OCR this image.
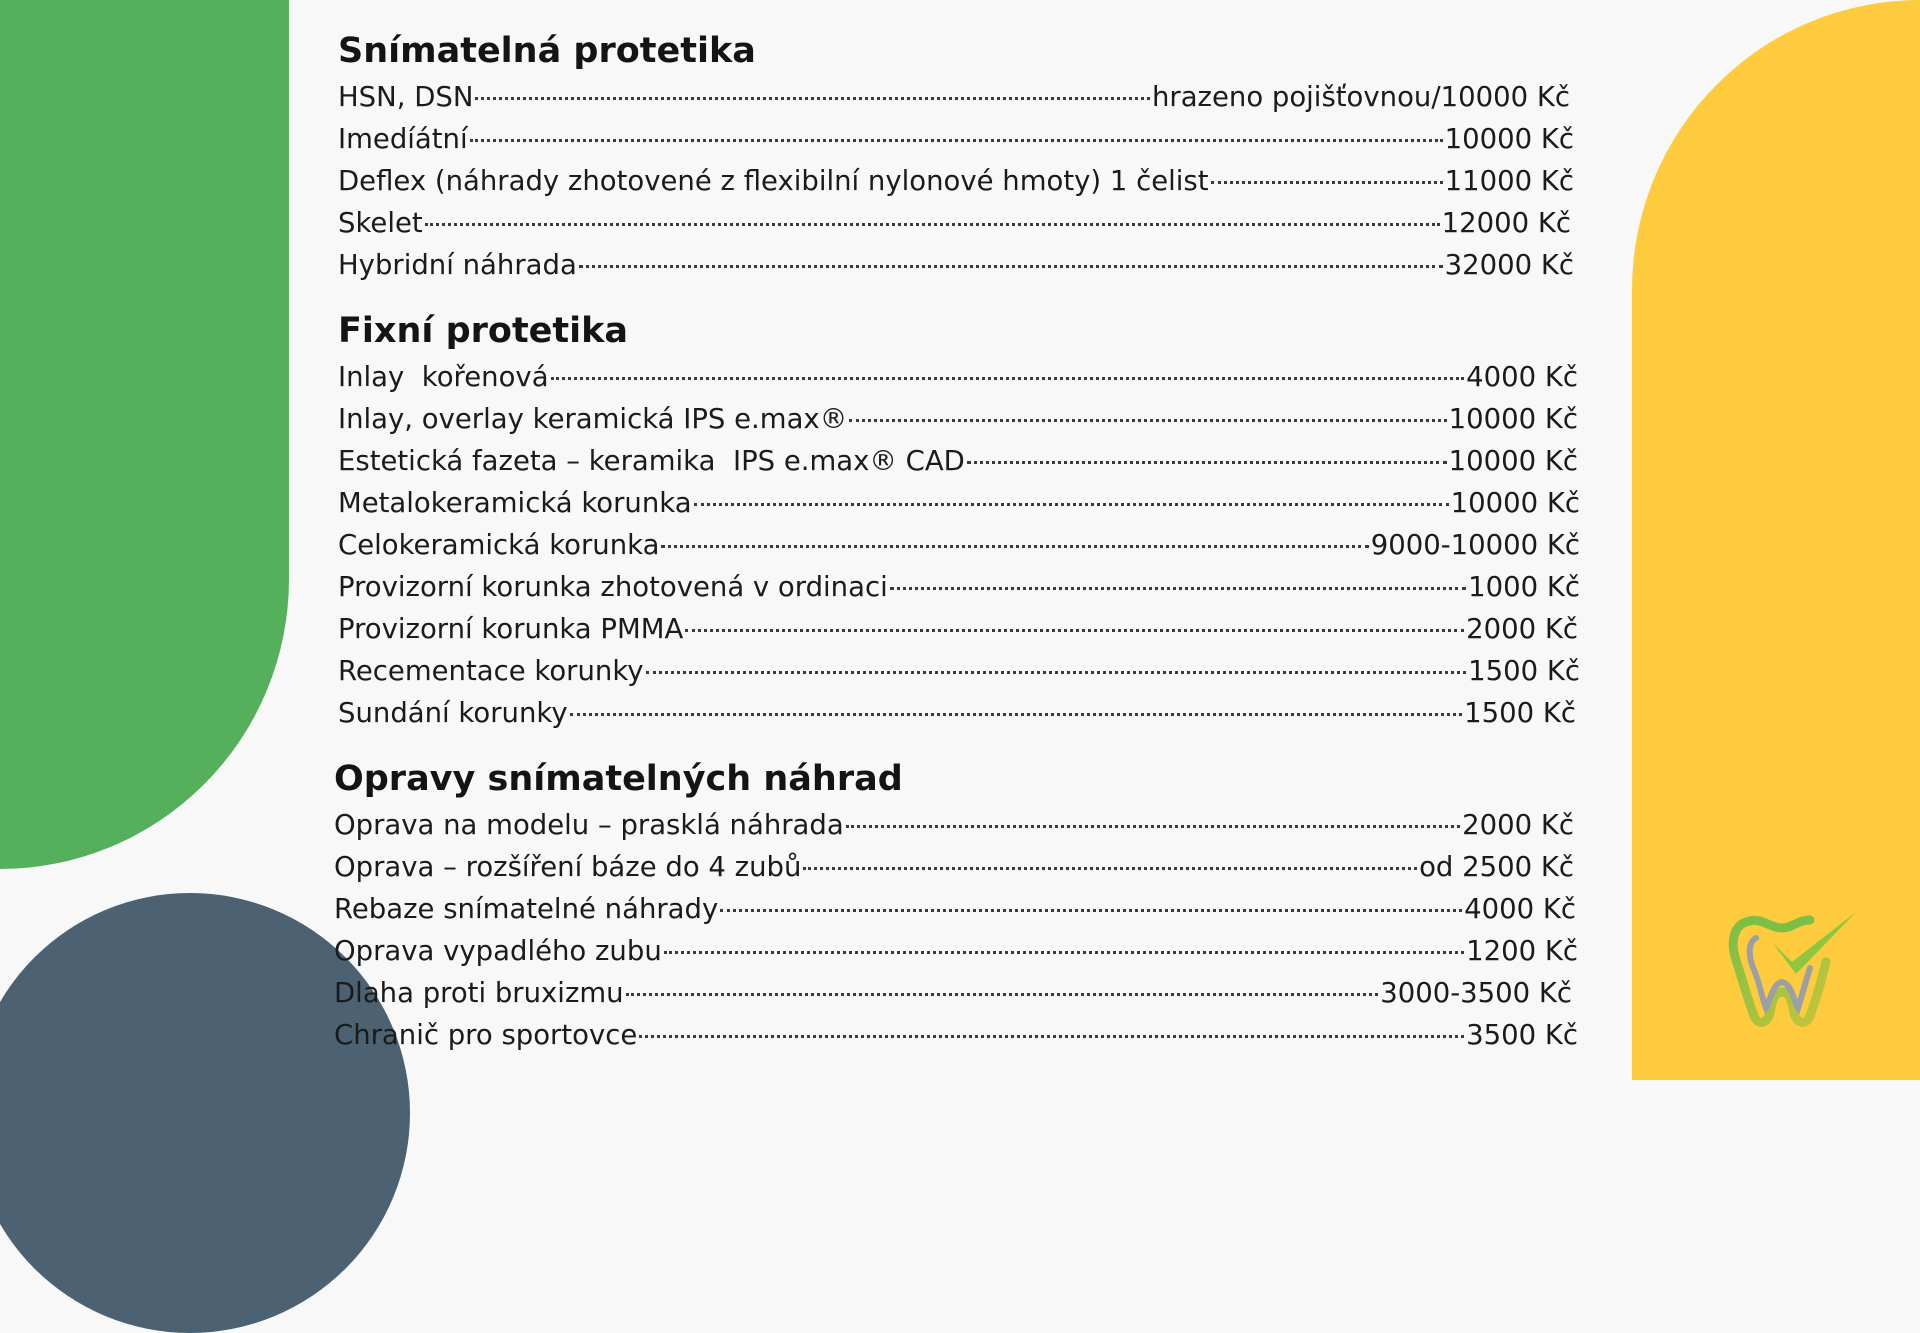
Snímatelná protetika
HSN, DSN	hrazeno pojišťovnou/10000 Kč
Imedíátní	10000 Kč
Deflex (náhrady zhotovené z flexibilní nylonové hmoty) 1 čelist	11000 Kč
Skelet	12000 Kč
Hybridní náhrada	32000 Kč
Fixní protetika
Inlay  kořenová	4000 Kč
Inlay, overlay keramická IPS e.max®	10000 Kč
Estetická fazeta – keramika  IPS e.max® CAD	10000 Kč
Metalokeramická korunka	10000 Kč
Celokeramická korunka	9000-10000 Kč
Provizorní korunka zhotovená v ordinaci	1000 Kč
Provizorní korunka PMMA	2000 Kč
Recementace korunky	1500 Kč
Sundání korunky	1500 Kč
Opravy snímatelných náhrad
Oprava na modelu – prasklá náhrada	2000 Kč
Oprava – rozšíření báze do 4 zubů	od 2500 Kč
Rebaze snímatelné náhrady	4000 Kč
Oprava vypadlého zubu	1200 Kč
Dlaha proti bruxizmu	3000-3500 Kč
Chranič pro sportovce	3500 Kč
